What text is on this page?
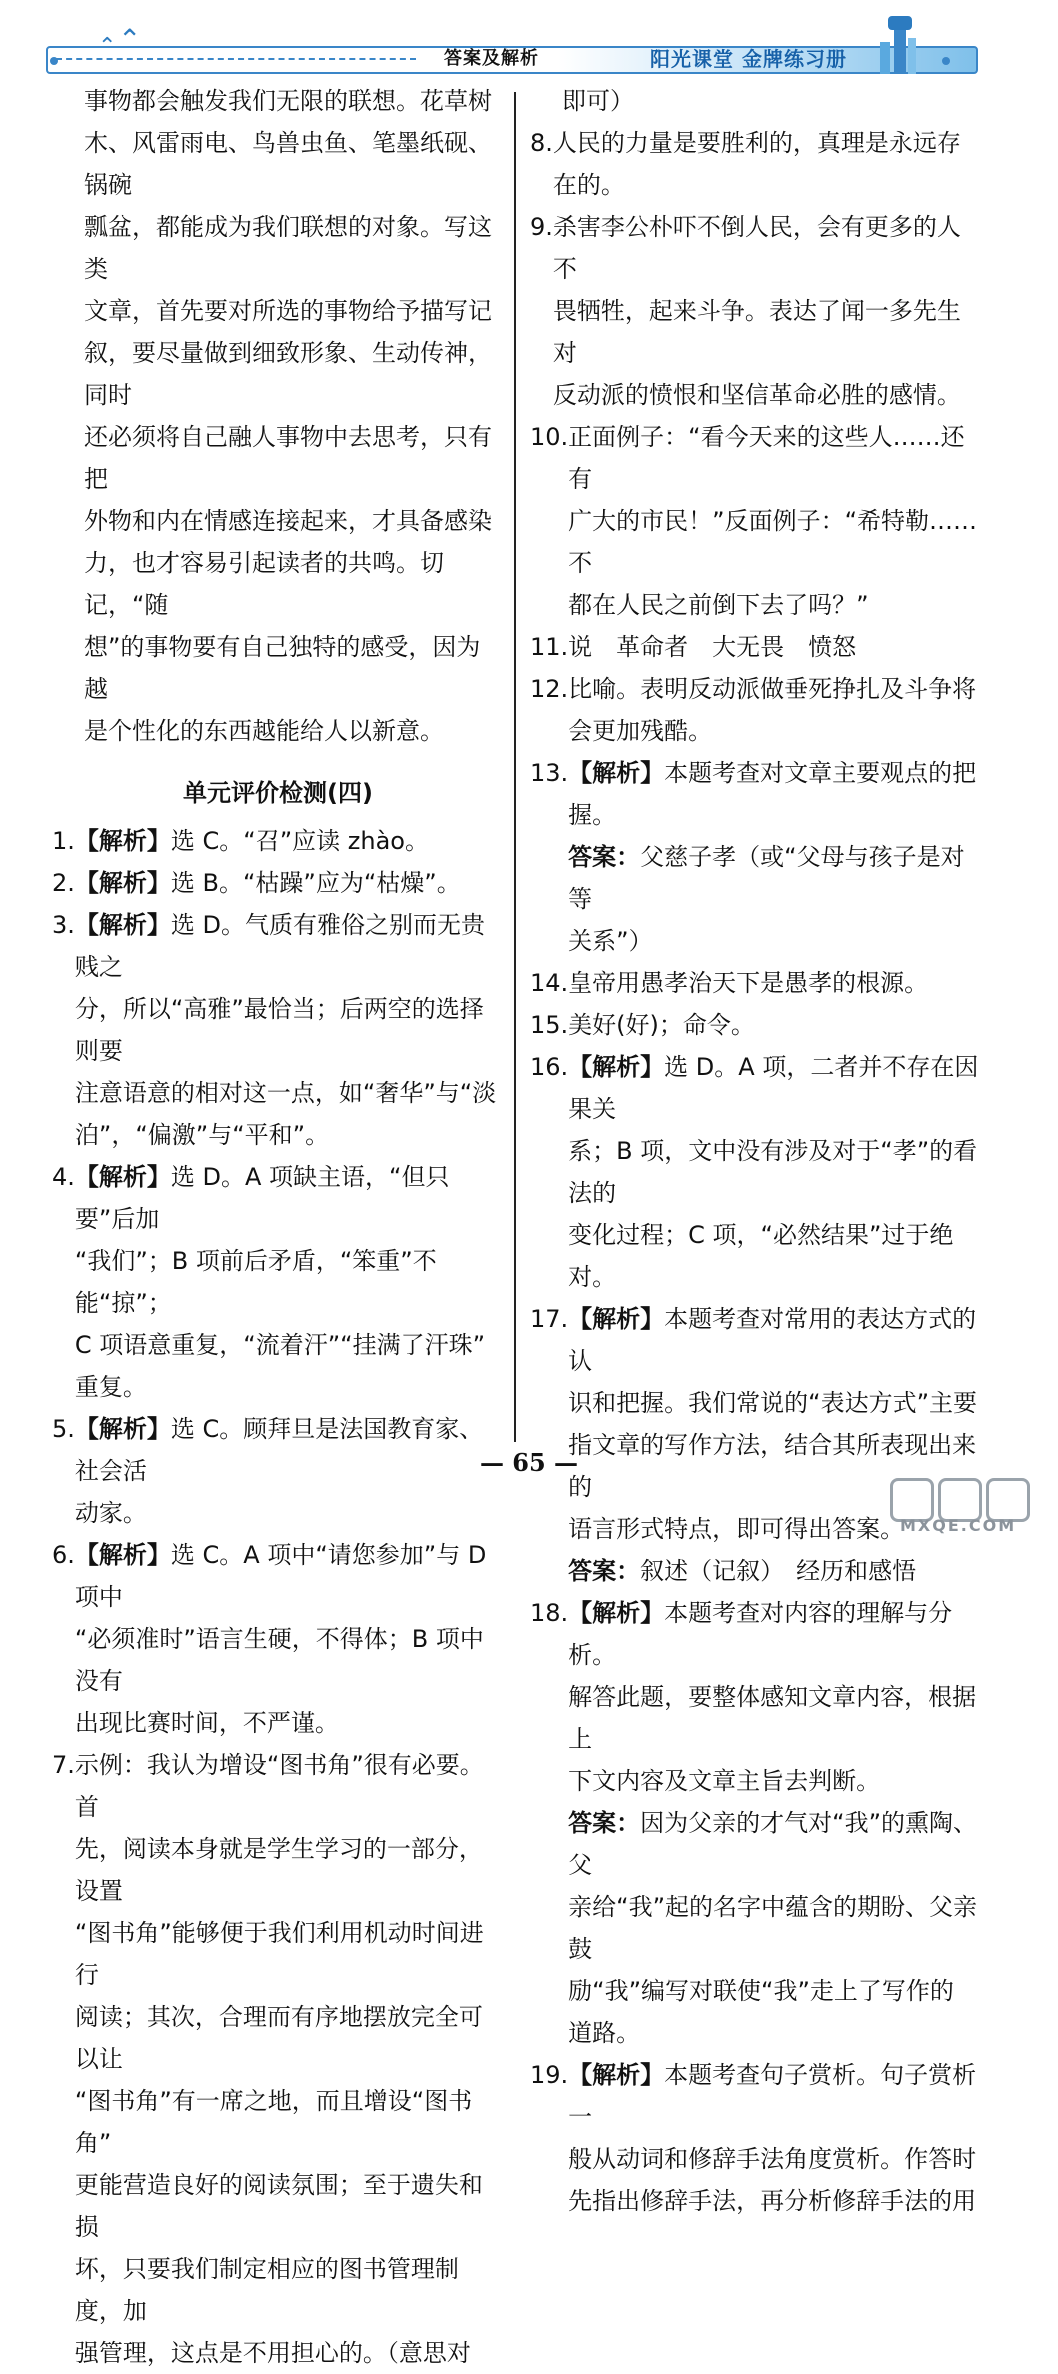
⌃ ⌃
答案及解析	阳光课堂 金牌练习册
事物都会触发我们无限的联想。花草树
木、风雷雨电、鸟兽虫鱼、笔墨纸砚、锅碗
瓢盆，都能成为我们联想的对象。写这类
文章，首先要对所选的事物给予描写记
叙，要尽量做到细致形象、生动传神，同时
还必须将自己融人事物中去思考，只有把
外物和内在情感连接起来，才具备感染
力，也才容易引起读者的共鸣。切记，“随
想”的事物要有自己独特的感受，因为越
是个性化的东西越能给人以新意。
单元评价检测(四)
1. 【解析】选 C。“召”应读 zhào。
2. 【解析】选 B。“枯躁”应为“枯燥”。
3. 【解析】选 D。气质有雅俗之别而无贵贱之
分，所以“高雅”最恰当；后两空的选择则要
注意语意的相对这一点，如“奢华”与“淡
泊”，“偏激”与“平和”。
4. 【解析】选 D。A 项缺主语，“但只要”后加
“我们”；B 项前后矛盾，“笨重”不能“掠”；
C 项语意重复，“流着汗”“挂满了汗珠”
重复。
5. 【解析】选 C。顾拜旦是法国教育家、社会活
动家。
6. 【解析】选 C。A 项中“请您参加”与 D 项中
“必须准时”语言生硬，不得体；B 项中没有
出现比赛时间，不严谨。
7. 示例：我认为增设“图书角”很有必要。首
先，阅读本身就是学生学习的一部分，设置
“图书角”能够便于我们利用机动时间进行
阅读；其次，合理而有序地摆放完全可以让
“图书角”有一席之地，而且增设“图书角”
更能营造良好的阅读氛围；至于遗失和损
坏，只要我们制定相应的图书管理制度，加
强管理，这点是不用担心的。（意思对
即可）
8. 人民的力量是要胜利的，真理是永远存
在的。
9. 杀害李公朴吓不倒人民，会有更多的人不
畏牺牲，起来斗争。表达了闻一多先生对
反动派的愤恨和坚信革命必胜的感情。
10. 正面例子：“看今天来的这些人……还有
广大的市民！”反面例子：“希特勒……不
都在人民之前倒下去了吗？”
11. 说　革命者　大无畏　愤怒
12. 比喻。表明反动派做垂死挣扎及斗争将
会更加残酷。
13. 【解析】本题考查对文章主要观点的把握。
答案：父慈子孝（或“父母与孩子是对等
关系”）
14. 皇帝用愚孝治天下是愚孝的根源。
15. 美好(好)；命令。
16. 【解析】选 D。A 项，二者并不存在因果关
系；B 项，文中没有涉及对于“孝”的看法的
变化过程；C 项，“必然结果”过于绝对。
17. 【解析】本题考查对常用的表达方式的认
识和把握。我们常说的“表达方式”主要
指文章的写作方法，结合其所表现出来的
语言形式特点，即可得出答案。
答案：叙述（记叙）　经历和感悟
18. 【解析】本题考查对内容的理解与分析。
解答此题，要整体感知文章内容，根据上
下文内容及文章主旨去判断。
答案：因为父亲的才气对“我”的熏陶、父
亲给“我”起的名字中蕴含的期盼、父亲鼓
励“我”编写对联使“我”走上了写作的
道路。
19. 【解析】本题考查句子赏析。句子赏析一
般从动词和修辞手法角度赏析。作答时
先指出修辞手法，再分析修辞手法的用
— 65 —
MXQE.COM
